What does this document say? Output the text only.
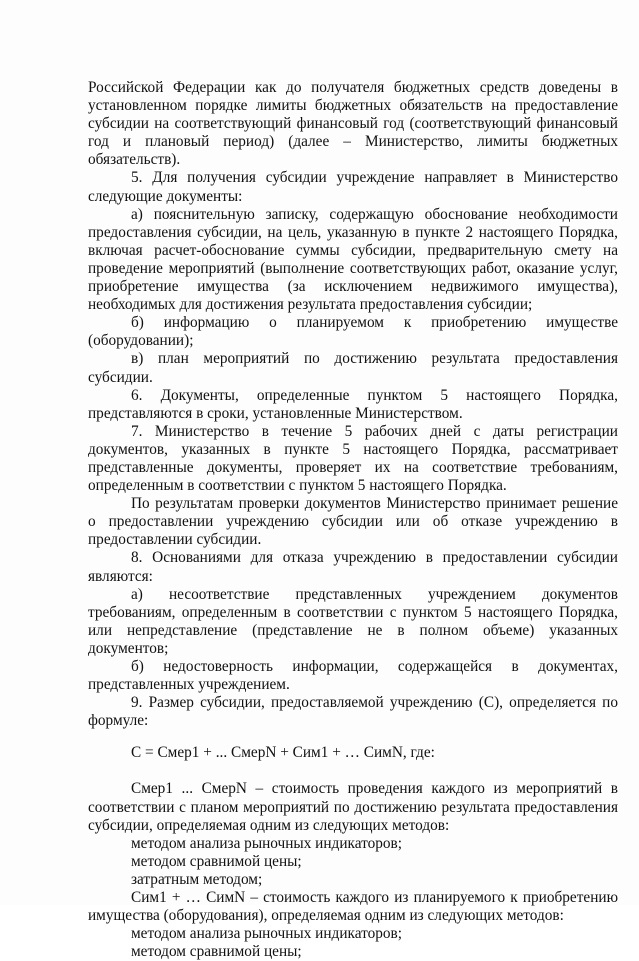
Российской Федерации как до получателя бюджетных средств доведены в установленном порядке лимиты бюджетных обязательств на предоставление субсидии на соответствующий финансовый год (соответствующий финансовый год и плановый период) (далее – Министерство, лимиты бюджетных обязательств).

5. Для получения субсидии учреждение направляет в Министерство следующие документы:

а) пояснительную записку, содержащую обоснование необходимости предоставления субсидии, на цель, указанную в пункте 2 настоящего Порядка, включая расчет-обоснование суммы субсидии, предварительную смету на проведение мероприятий (выполнение соответствующих работ, оказание услуг, приобретение имущества (за исключением недвижимого имущества), необходимых для достижения результата предоставления субсидии;

б) информацию о планируемом к приобретению имуществе (оборудовании);

в) план мероприятий по достижению результата предоставления субсидии.

6. Документы, определенные пунктом 5 настоящего Порядка, представляются в сроки, установленные Министерством.

7. Министерство в течение 5 рабочих дней с даты регистрации документов, указанных в пункте 5 настоящего Порядка, рассматривает представленные документы, проверяет их на соответствие требованиям, определенным в соответствии с пунктом 5 настоящего Порядка.

По результатам проверки документов Министерство принимает решение о предоставлении учреждению субсидии или об отказе учреждению в предоставлении субсидии.

8. Основаниями для отказа учреждению в предоставлении субсидии являются:

а) несоответствие представленных учреждением документов требованиям, определенным в соответствии с пунктом 5 настоящего Порядка, или непредставление (представление не в полном объеме) указанных документов;

б) недостоверность информации, содержащейся в документах, представленных учреждением.

9. Размер субсидии, предоставляемой учреждению (С), определяется по формуле:

С = Смер1 + ... СмерN + Сим1 + … СимN, где:

Смер1 ... СмерN – стоимость проведения каждого из мероприятий в соответствии с планом мероприятий по достижению результата предоставления субсидии, определяемая одним из следующих методов:

методом анализа рыночных индикаторов;

методом сравнимой цены;

затратным методом;

Сим1 + … СимN – стоимость каждого из планируемого к приобретению имущества (оборудования), определяемая одним из следующих методов:

методом анализа рыночных индикаторов;

методом сравнимой цены;
